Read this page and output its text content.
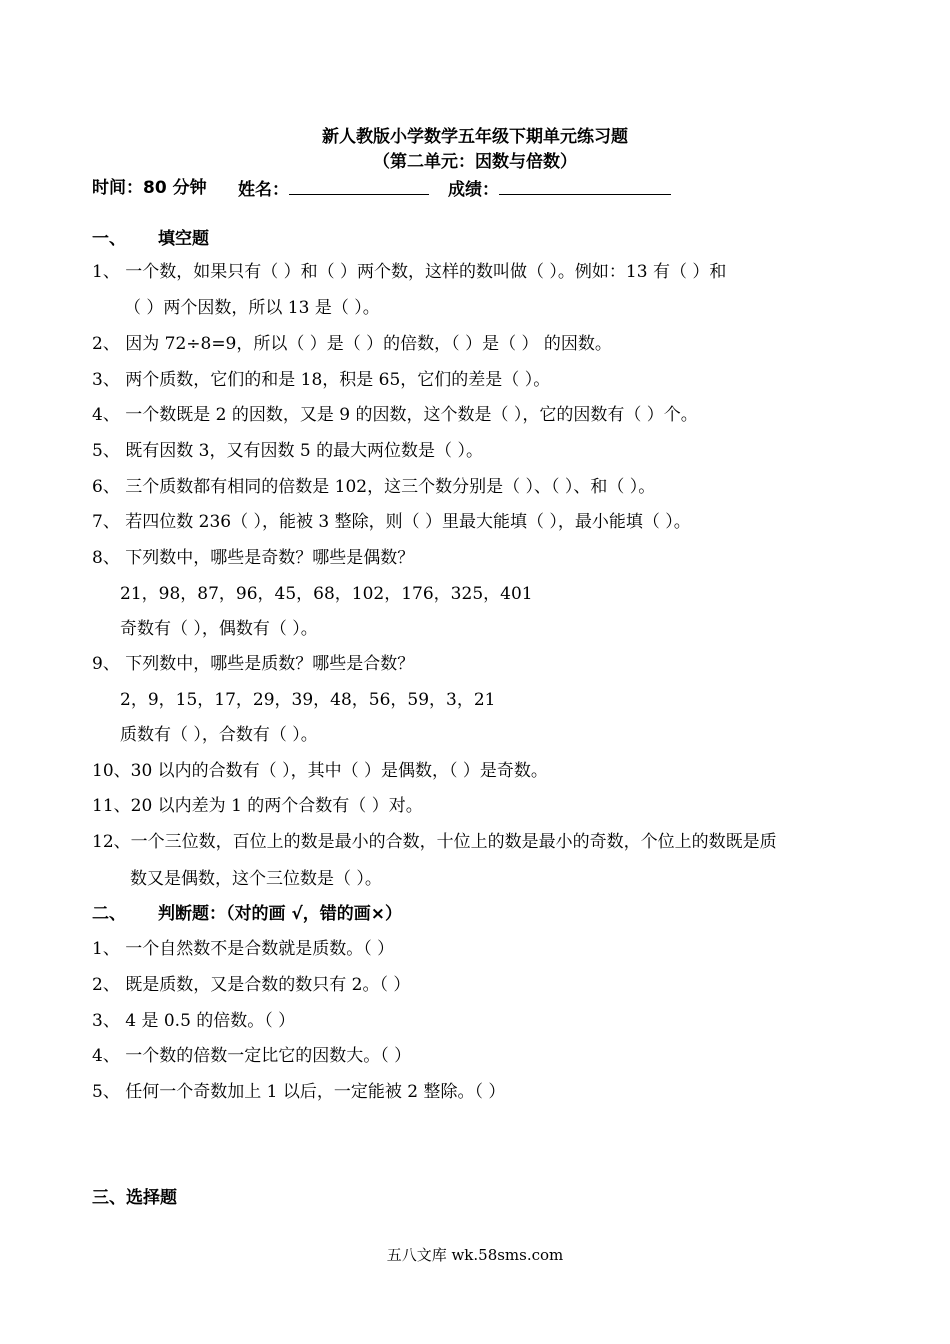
新人教版小学数学五年级下期单元练习题
（第二单元：因数与倍数）
时间：80 分钟 姓名：	成绩：
一、 填空题
1、 一个数，如果只有（ ）和（ ）两个数，这样的数叫做（ ）。例如：13 有（ ）和
（ ）两个因数，所以 13 是（ ）。
2、 因为 72÷8=9，所以（ ）是（ ）的倍数，（ ）是（ ） 的因数。
3、 两个质数，它们的和是 18，积是 65，它们的差是（ ）。
4、 一个数既是 2 的因数，又是 9 的因数，这个数是（ ），它的因数有（ ）个。
5、 既有因数 3，又有因数 5 的最大两位数是（ ）。
6、 三个质数都有相同的倍数是 102，这三个数分别是（ ）、（ ）、和（ ）。
7、 若四位数 236（ ），能被 3 整除，则（ ）里最大能填（ ），最小能填（ ）。
8、 下列数中，哪些是奇数？哪些是偶数？
21，98，87，96，45，68，102，176，325，401
奇数有（ ），偶数有（ ）。
9、 下列数中，哪些是质数？哪些是合数？
2，9，15，17，29，39，48，56，59，3，21
质数有（ ），合数有（ ）。
10、30 以内的合数有（ ），其中（ ）是偶数，（ ）是奇数。
11、20 以内差为 1 的两个合数有（ ）对。
12、一个三位数，百位上的数是最小的合数，十位上的数是最小的奇数，个位上的数既是质
数又是偶数，这个三位数是（ ）。
二、 判断题：（对的画 √，错的画×）
1、 一个自然数不是合数就是质数。（ ）
2、 既是质数，又是合数的数只有 2。（ ）
3、 4 是 0.5 的倍数。（ ）
4、 一个数的倍数一定比它的因数大。（ ）
5、 任何一个奇数加上 1 以后，一定能被 2 整除。（ ）
三、选择题
五八文库 wk.58sms.com
